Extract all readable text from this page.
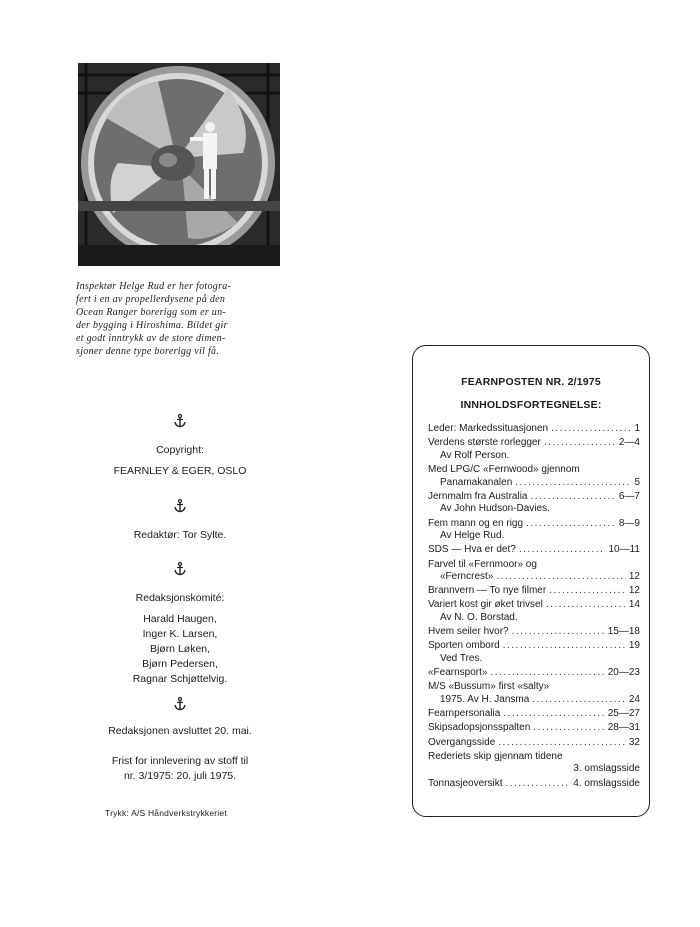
Inspektør Helge Rud er her fotogra-
fert i en av propellerdysene på den
Ocean Ranger borerigg som er un-
der bygging i Hiroshima. Bildet gir
et godt inntrykk av de store dimen-
sjoner denne type borerigg vil få.
Copyright:
FEARNLEY & EGER, OSLO
Redaktør: Tor Sylte.
Redaksjonskomité:
Harald Haugen,
Inger K. Larsen,
Bjørn Løken,
Bjørn Pedersen,
Ragnar Schjøttelvig.
Redaksjonen avsluttet 20. mai.
Frist for innlevering av stoff til
nr. 3/1975: 20. juli 1975.
Trykk: A/S Håndverkstrykkeriet
FEARNPOSTEN NR. 2/1975
INNHOLDSFORTEGNELSE:
Leder: Markedssituasjonen .....	1
Verdens største rorlegger .....	2—4
Av Rolf Person.
Med LPG/C «Fernwood» gjennom
Panamakanalen .....	5
Jernmalm fra Australia .....	6—7
Av John Hudson-Davies.
Fem mann og en rigg .....	8—9
Av Helge Rud.
SDS — Hva er det? .....	10—11
Farvel til «Fernmoor» og
«Ferncrest» .....	12
Brannvern — To nye filmer .....	12
Variert kost gir øket trivsel .....	14
Av N. O. Borstad.
Hvem seiler hvor? .....	15—18
Sporten ombord .....	19
Ved Tres.
«Fearnsport» .....	20—23
M/S «Bussum» first «salty»
1975. Av H. Jansma .....	24
Fearnpersonalia .....	25—27
Skipsadopsjonsspalten .....	28—31
Overgangsside .....	32
Rederiets skip gjennam tidene
3. omslagsside
Tonnasjeoversikt .....	4. omslagsside
